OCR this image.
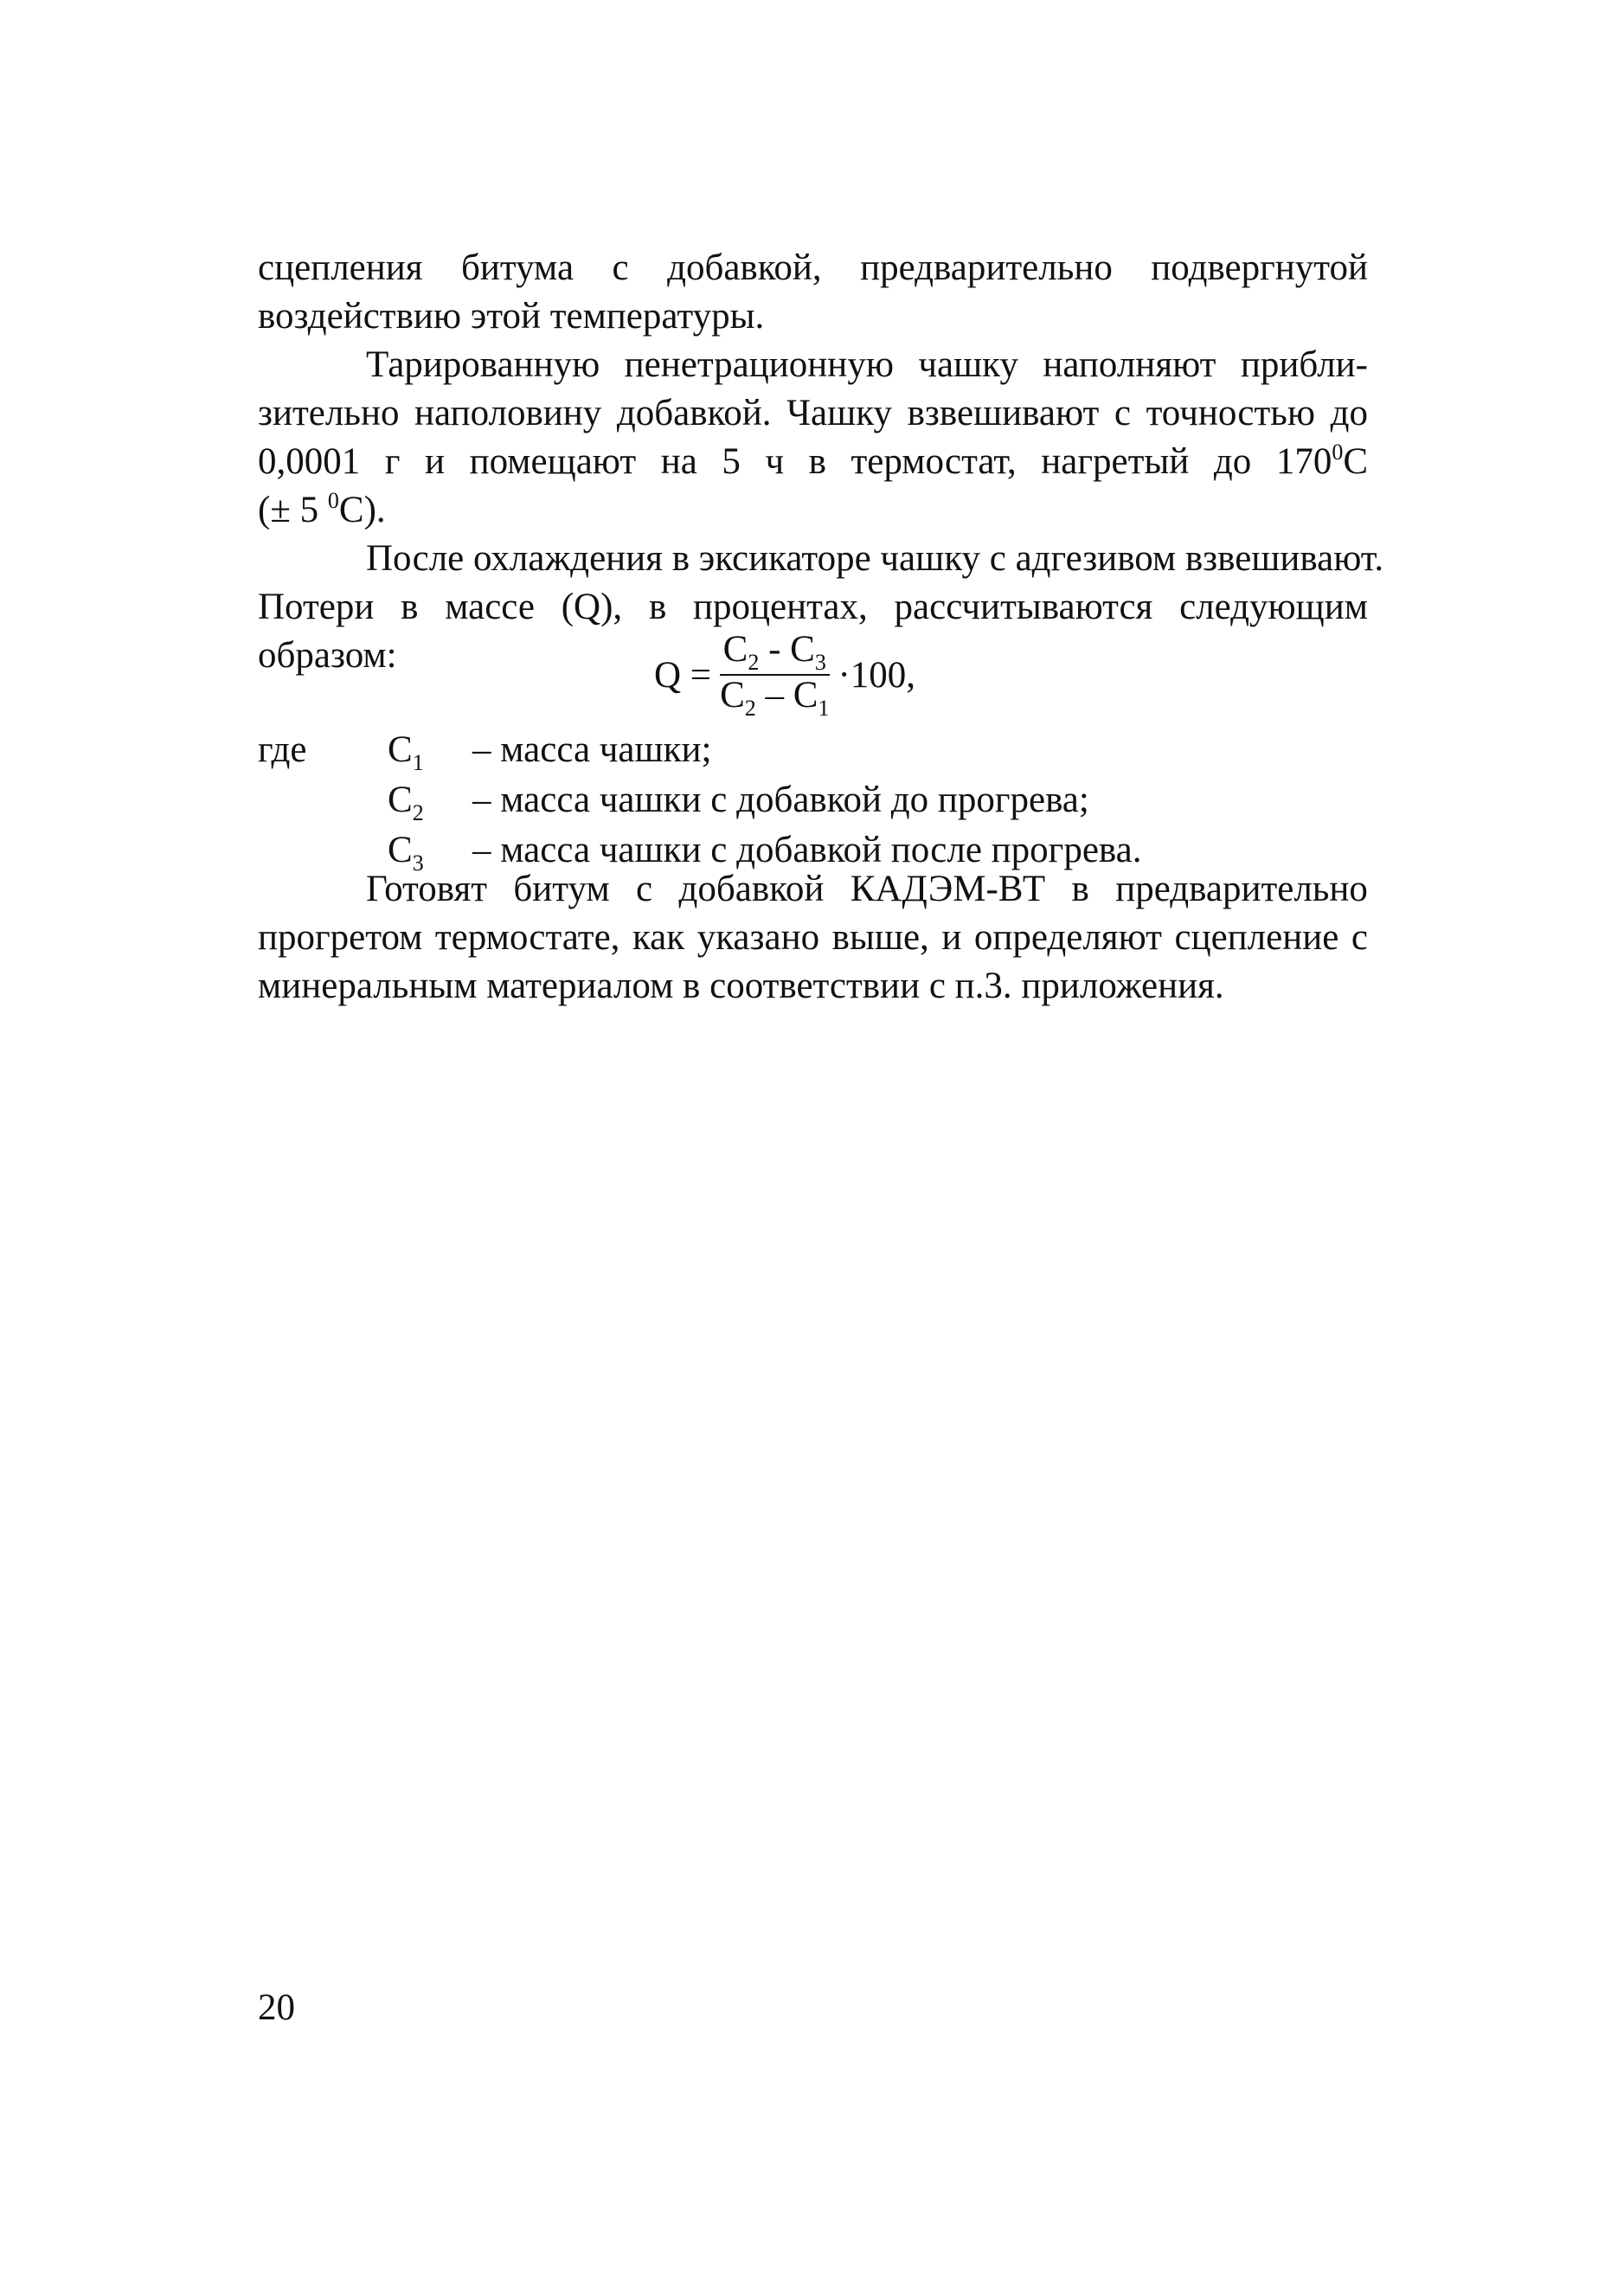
сцепления битума с добавкой, предварительно подвергнутой
воздействию этой температуры.
Тарированную пенетрационную чашку наполняют прибли-
зительно наполовину добавкой. Чашку взвешивают с точностью до
0,0001 г и помещают на 5 ч в термостат, нагретый до 1700С
(± 5 $^0$С).
После охлаждения в эксикаторе чашку с адгезивом взвешивают.
Потери в массе (Q), в процентах, рассчитываются следующим
образом:	$Q = \frac{С_2 - С_3}{С_2 - С_1} \cdot 100$,
где	$С_1$	– масса чашки;
$С_2$	– масса чашки с добавкой до прогрева;
$С_3$	– масса чашки с добавкой после прогрева.
Готовят битум с добавкой КАДЭМ-ВТ в предварительно
прогретом термостате, как указано выше, и определяют сцепление с
минеральным материалом в соответствии с п.3. приложения.
20
